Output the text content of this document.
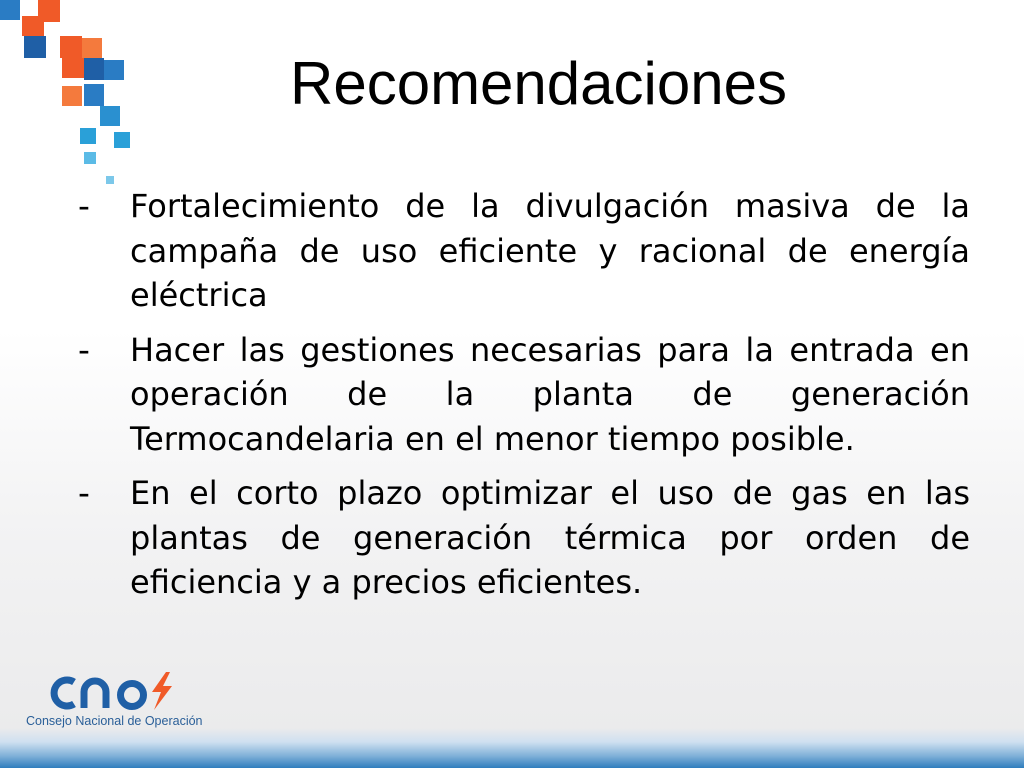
Recomendaciones
-	Fortalecimiento de la divulgación masiva de la campaña de uso eficiente y racional de energía eléctrica
-	Hacer las gestiones necesarias para la entrada en operación de la planta de generación Termocandelaria en el menor tiempo posible.
-	En el corto plazo optimizar el uso de gas en las plantas de generación térmica por orden de eficiencia y a precios eficientes.
Consejo Nacional de Operación
